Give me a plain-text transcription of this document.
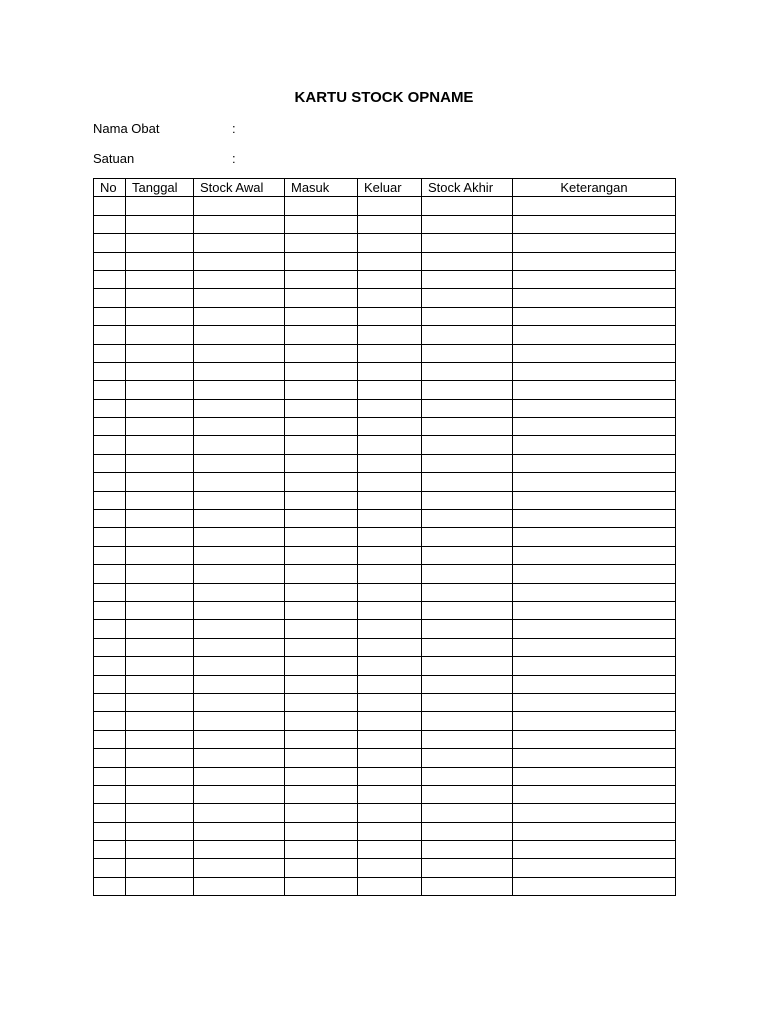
KARTU STOCK OPNAME
Nama Obat	:
Satuan	:
No	Tanggal	Stock Awal	Masuk	Keluar	Stock Akhir	Keterangan
